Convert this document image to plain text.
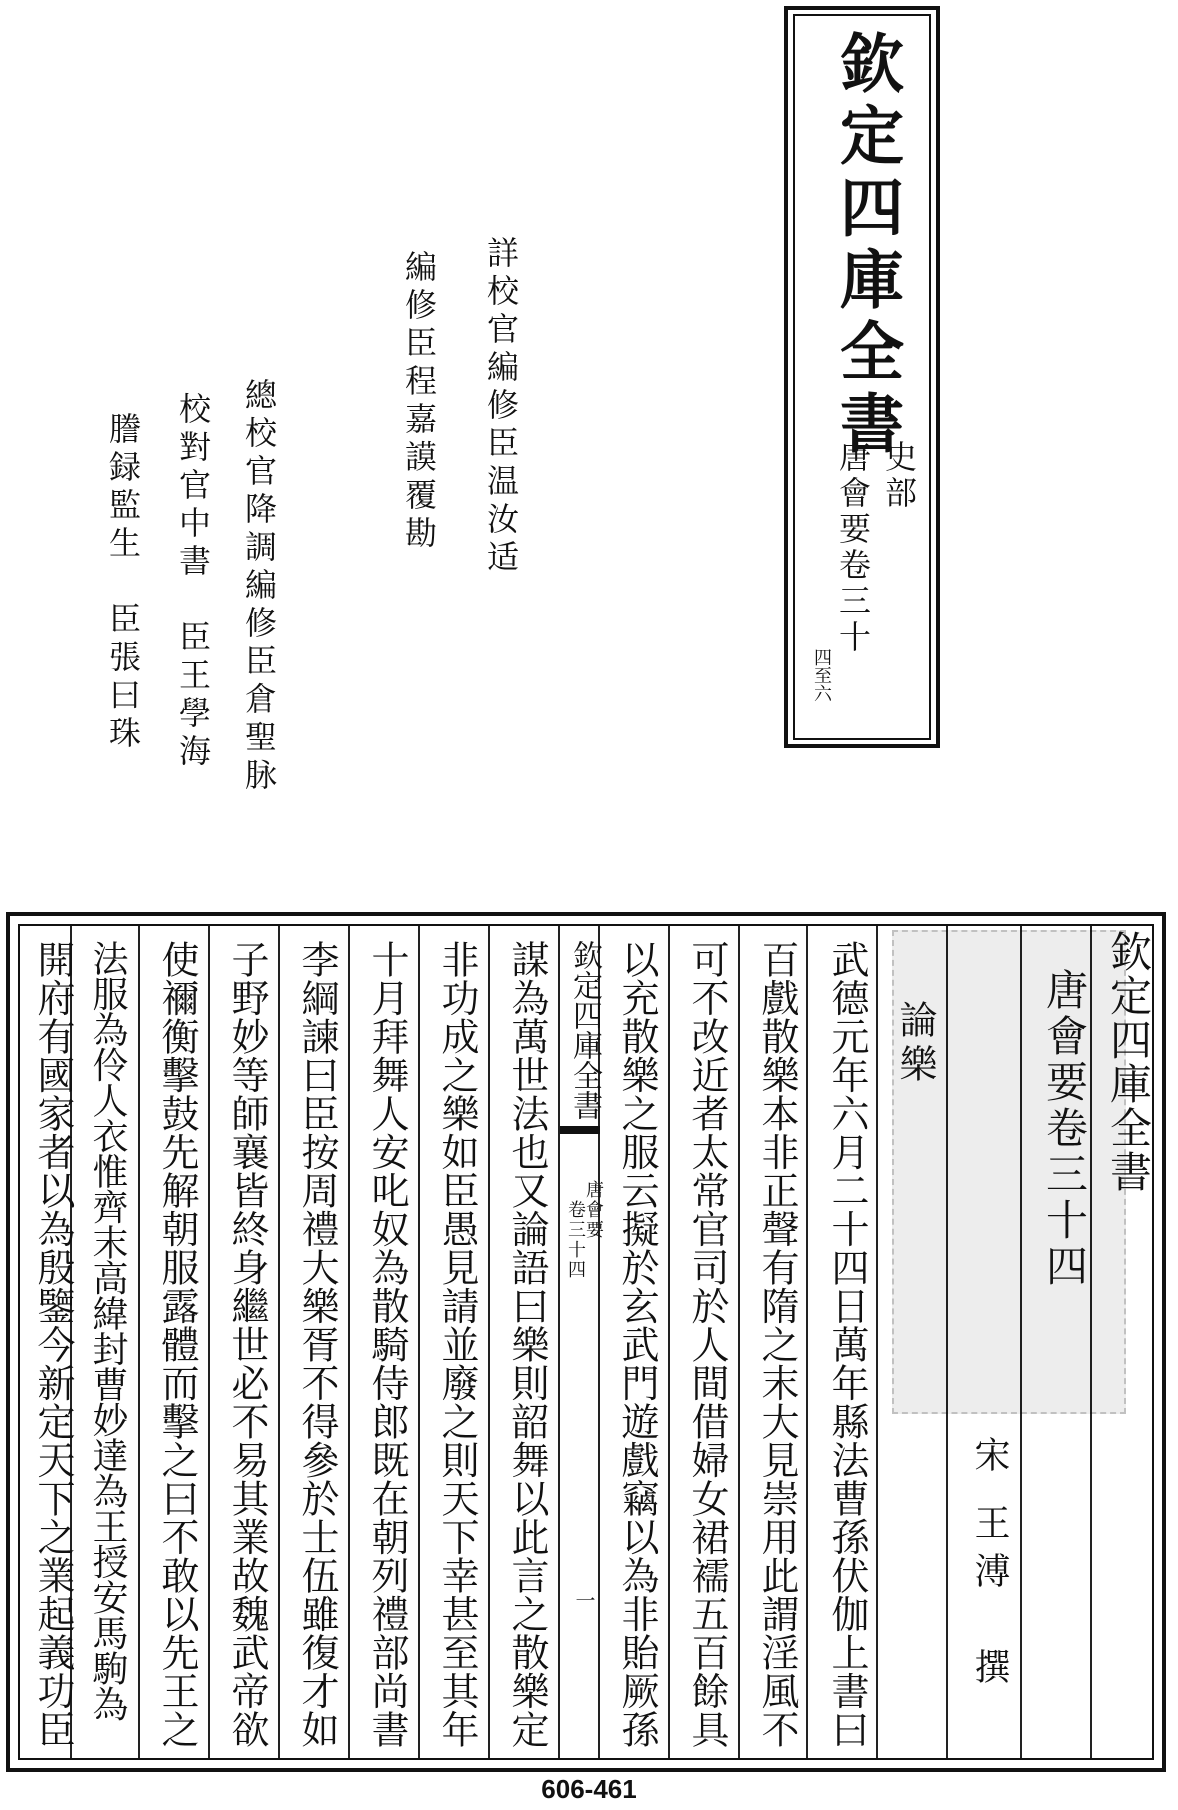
欽定四庫全書
史部
唐會要卷三十
四至六
詳校官編修臣温汝适
編修臣程嘉謨覆勘
總校官降調編修臣倉聖脉
校對官中書　臣王學海
謄録監生　臣張曰珠
欽定四庫全書
唐會要卷三十四
宋
王溥　撰
論樂
武德元年六月二十四日萬年縣法曹孫伏伽上書曰
百戲散樂本非正聲有隋之末大見崇用此謂淫風不
可不改近者太常官司於人間借婦女裙襦五百餘具
以充散樂之服云擬於玄武門遊戲竊以為非貽厥孫
欽定四庫全書
唐會要
卷三十四
一
謀為萬世法也又論語曰樂則韶舞以此言之散樂定
非功成之樂如臣愚見請並廢之則天下幸甚至其年
十月拜舞人安叱奴為散騎侍郎既在朝列禮部尚書
李綱諫曰臣按周禮大樂胥不得參於士伍雖復才如
子野妙等師襄皆終身繼世必不易其業故魏武帝欲
使禰衡擊鼓先解朝服露體而擊之曰不敢以先王之
法服為伶人衣惟齊末高緯封曹妙達為王授安馬駒為
開府有國家者以為殷鑒今新定天下之業起義功臣
606-461
